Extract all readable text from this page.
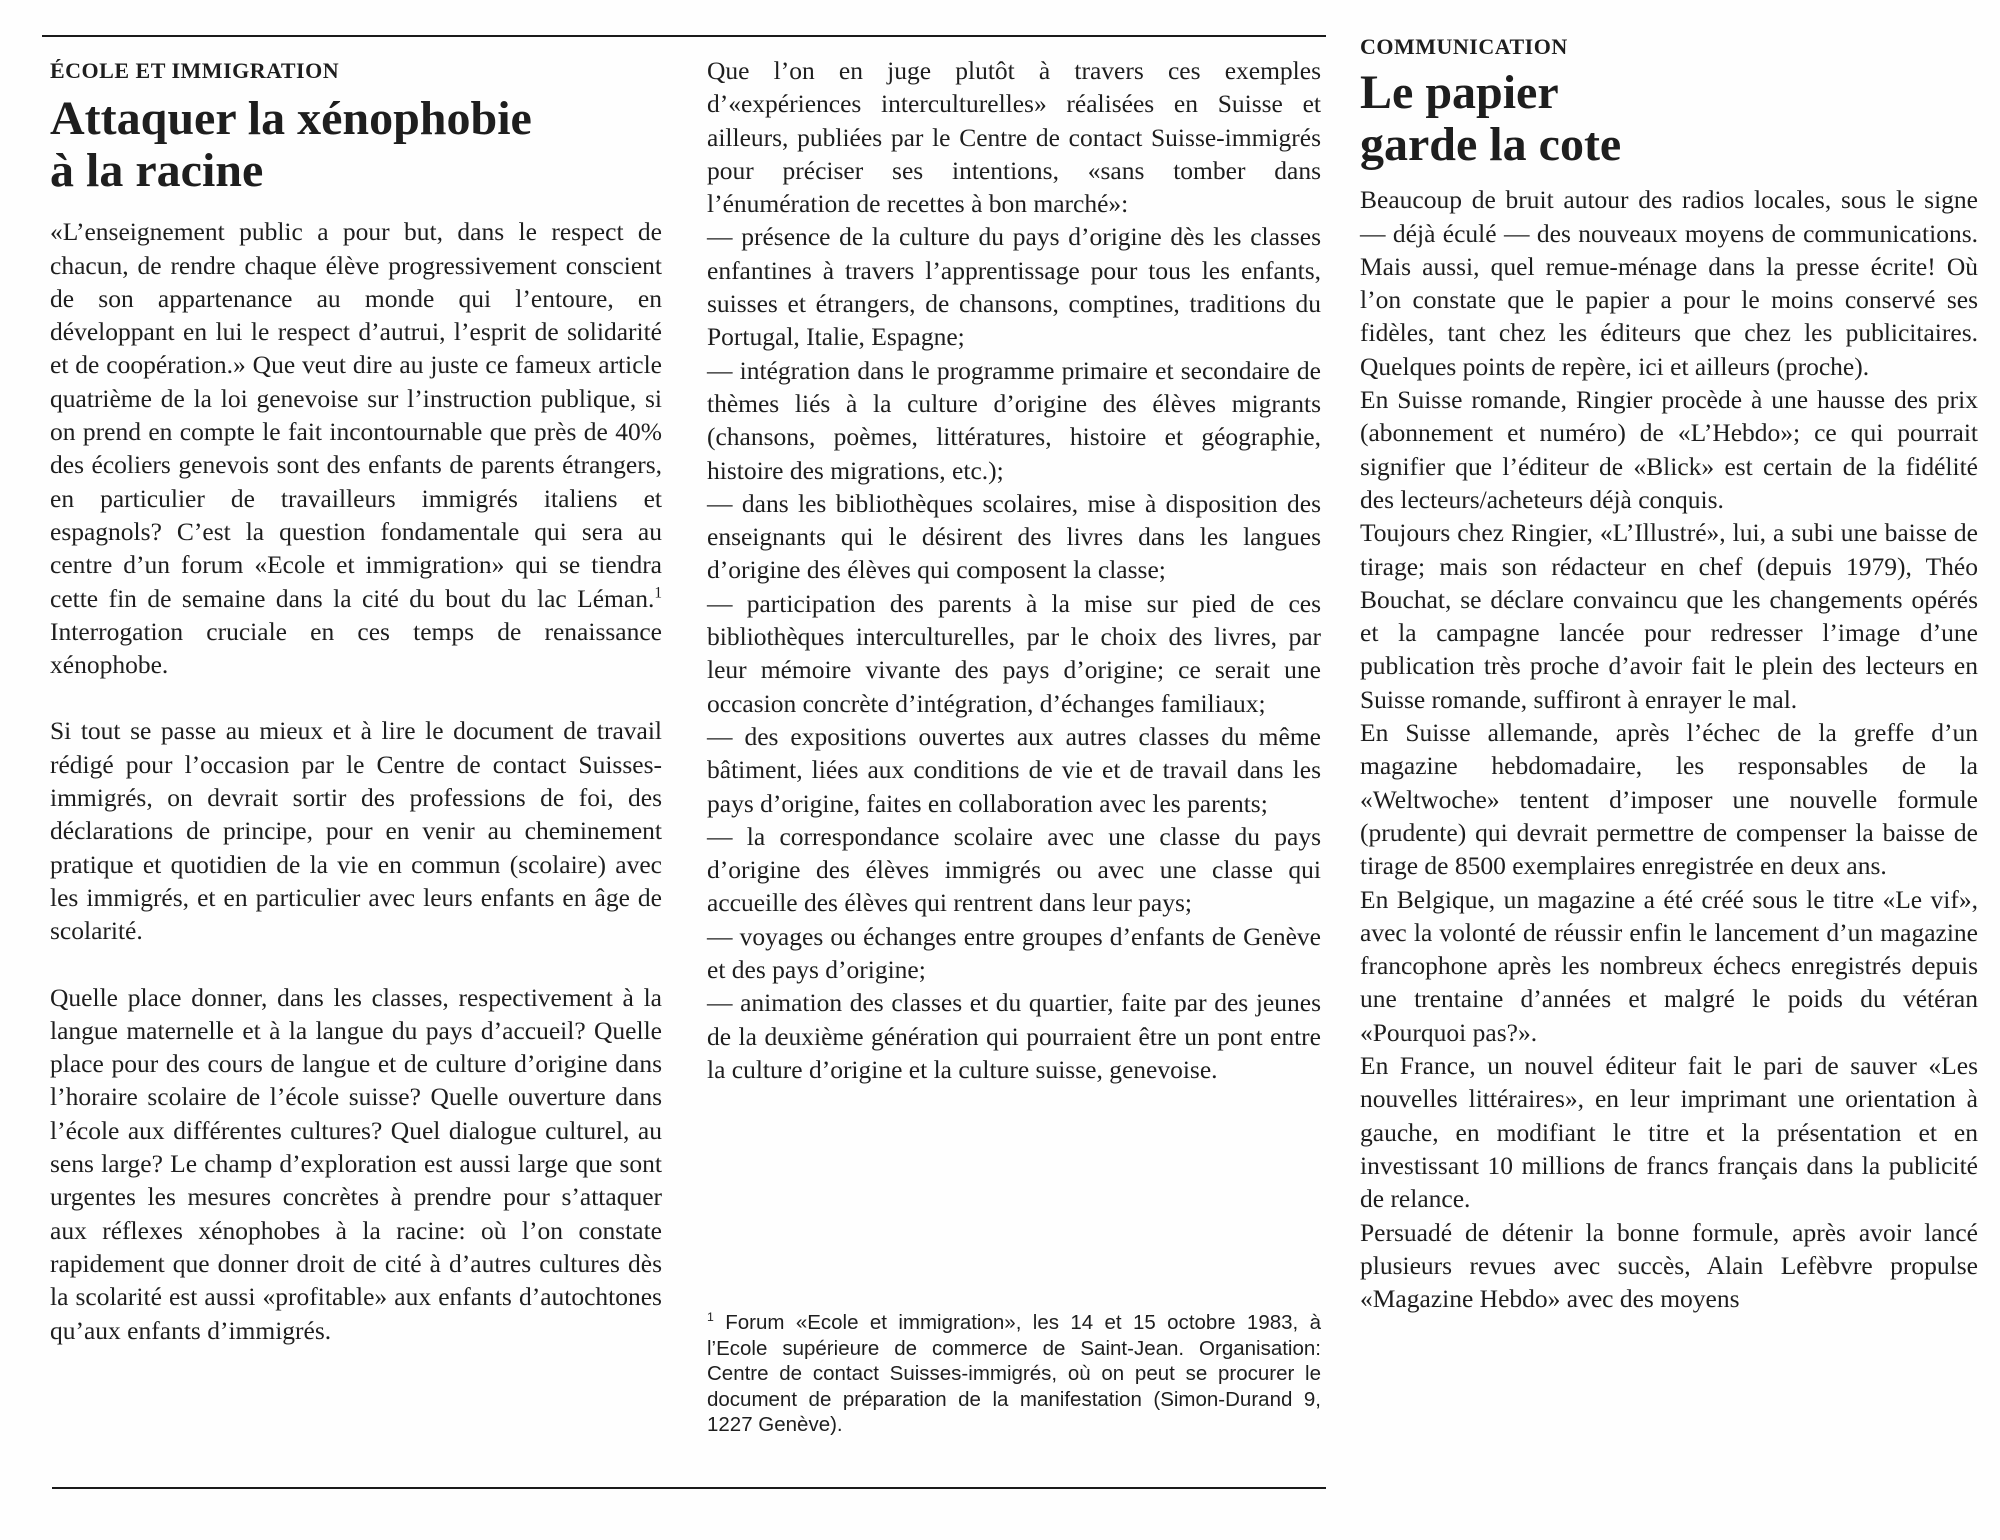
ÉCOLE ET IMMIGRATION
Attaquer la xénophobie
à la racine

«L’enseignement public a pour but, dans le respect de chacun, de rendre chaque élève progressivement conscient de son appartenance au monde qui l’entoure, en développant en lui le respect d’autrui, l’esprit de solidarité et de coopération.» Que veut dire au juste ce fameux article quatrième de la loi genevoise sur l’instruction publique, si on prend en compte le fait incontournable que près de 40% des écoliers genevois sont des enfants de parents étrangers, en particulier de travailleurs immigrés italiens et espagnols? C’est la question fondamentale qui sera au centre d’un forum «Ecole et immigration» qui se tiendra cette fin de semaine dans la cité du bout du lac Léman.$^1$ Interrogation cruciale en ces temps de renaissance xénophobe.

Si tout se passe au mieux et à lire le document de travail rédigé pour l’occasion par le Centre de contact Suisses-immigrés, on devrait sortir des professions de foi, des déclarations de principe, pour en venir au cheminement pratique et quotidien de la vie en commun (scolaire) avec les immigrés, et en particulier avec leurs enfants en âge de scolarité.

Quelle place donner, dans les classes, respectivement à la langue maternelle et à la langue du pays d’accueil? Quelle place pour des cours de langue et de culture d’origine dans l’horaire scolaire de l’école suisse? Quelle ouverture dans l’école aux différentes cultures? Quel dialogue culturel, au sens large? Le champ d’exploration est aussi large que sont urgentes les mesures concrètes à prendre pour s’attaquer aux réflexes xénophobes à la racine: où l’on constate rapidement que donner droit de cité à d’autres cultures dès la scolarité est aussi «profitable» aux enfants d’autochtones qu’aux enfants d’immigrés.

Que l’on en juge plutôt à travers ces exemples d’«expériences interculturelles» réalisées en Suisse et ailleurs, publiées par le Centre de contact Suisse-immigrés pour préciser ses intentions, «sans tomber dans l’énumération de recettes à bon marché»:

— présence de la culture du pays d’origine dès les classes enfantines à travers l’apprentissage pour tous les enfants, suisses et étrangers, de chansons, comptines, traditions du Portugal, Italie, Espagne;

— intégration dans le programme primaire et secondaire de thèmes liés à la culture d’origine des élèves migrants (chansons, poèmes, littératures, histoire et géographie, histoire des migrations, etc.);

— dans les bibliothèques scolaires, mise à disposition des enseignants qui le désirent des livres dans les langues d’origine des élèves qui composent la classe;

— participation des parents à la mise sur pied de ces bibliothèques interculturelles, par le choix des livres, par leur mémoire vivante des pays d’origine; ce serait une occasion concrète d’intégration, d’échanges familiaux;

— des expositions ouvertes aux autres classes du même bâtiment, liées aux conditions de vie et de travail dans les pays d’origine, faites en collaboration avec les parents;

— la correspondance scolaire avec une classe du pays d’origine des élèves immigrés ou avec une classe qui accueille des élèves qui rentrent dans leur pays;

— voyages ou échanges entre groupes d’enfants de Genève et des pays d’origine;

— animation des classes et du quartier, faite par des jeunes de la deuxième génération qui pourraient être un pont entre la culture d’origine et la culture suisse, genevoise.

$^1$ Forum «Ecole et immigration», les 14 et 15 octobre 1983, à l’Ecole supérieure de commerce de Saint-Jean. Organisation: Centre de contact Suisses-immigrés, où on peut se procurer le document de préparation de la manifestation (Simon-Durand 9, 1227 Genève).
COMMUNICATION
Le papier
garde la cote

Beaucoup de bruit autour des radios locales, sous le signe — déjà éculé — des nouveaux moyens de communications. Mais aussi, quel remue-ménage dans la presse écrite! Où l’on constate que le papier a pour le moins conservé ses fidèles, tant chez les éditeurs que chez les publicitaires. Quelques points de repère, ici et ailleurs (proche).

En Suisse romande, Ringier procède à une hausse des prix (abonnement et numéro) de «L’Hebdo»; ce qui pourrait signifier que l’éditeur de «Blick» est certain de la fidélité des lecteurs/acheteurs déjà conquis.

Toujours chez Ringier, «L’Illustré», lui, a subi une baisse de tirage; mais son rédacteur en chef (depuis 1979), Théo Bouchat, se déclare convaincu que les changements opérés et la campagne lancée pour redresser l’image d’une publication très proche d’avoir fait le plein des lecteurs en Suisse romande, suffiront à enrayer le mal.

En Suisse allemande, après l’échec de la greffe d’un magazine hebdomadaire, les responsables de la «Weltwoche» tentent d’imposer une nouvelle formule (prudente) qui devrait permettre de compenser la baisse de tirage de 8500 exemplaires enregistrée en deux ans.

En Belgique, un magazine a été créé sous le titre «Le vif», avec la volonté de réussir enfin le lancement d’un magazine francophone après les nombreux échecs enregistrés depuis une trentaine d’années et malgré le poids du vétéran «Pourquoi pas?».

En France, un nouvel éditeur fait le pari de sauver «Les nouvelles littéraires», en leur imprimant une orientation à gauche, en modifiant le titre et la présentation et en investissant 10 millions de francs français dans la publicité de relance.

Persuadé de détenir la bonne formule, après avoir lancé plusieurs revues avec succès, Alain Lefèbvre propulse «Magazine Hebdo» avec des moyens
